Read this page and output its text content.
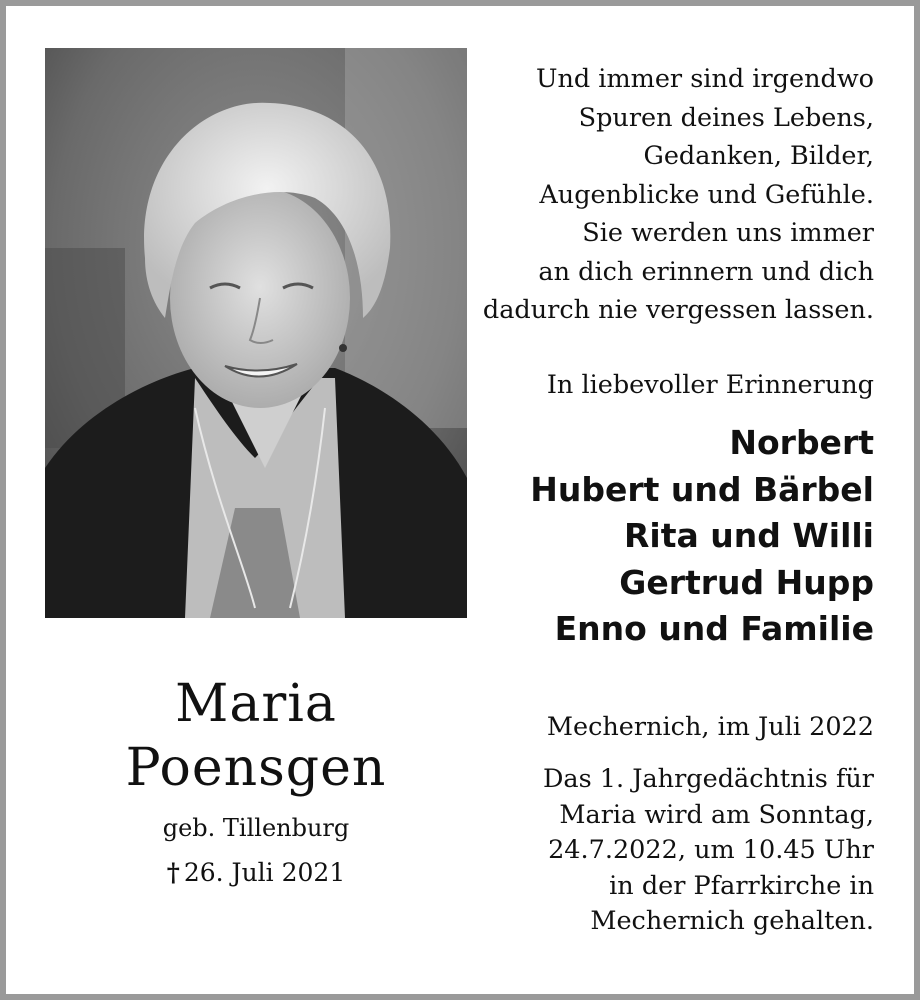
Und immer sind irgendwo
Spuren deines Lebens,
Gedanken, Bilder,
Augenblicke und Gefühle.
Sie werden uns immer
an dich erinnern und dich
dadurch nie vergessen lassen.
In liebevoller Erinnerung
Norbert
Hubert und Bärbel
Rita und Willi
Gertrud Hupp
Enno und Familie
Maria
Poensgen
geb. Tillenburg
† 26. Juli 2021
Mechernich, im Juli 2022
Das 1. Jahrgedächtnis für
Maria wird am Sonntag,
24.7.2022, um 10.45 Uhr
in der Pfarrkirche in
Mechernich gehalten.
